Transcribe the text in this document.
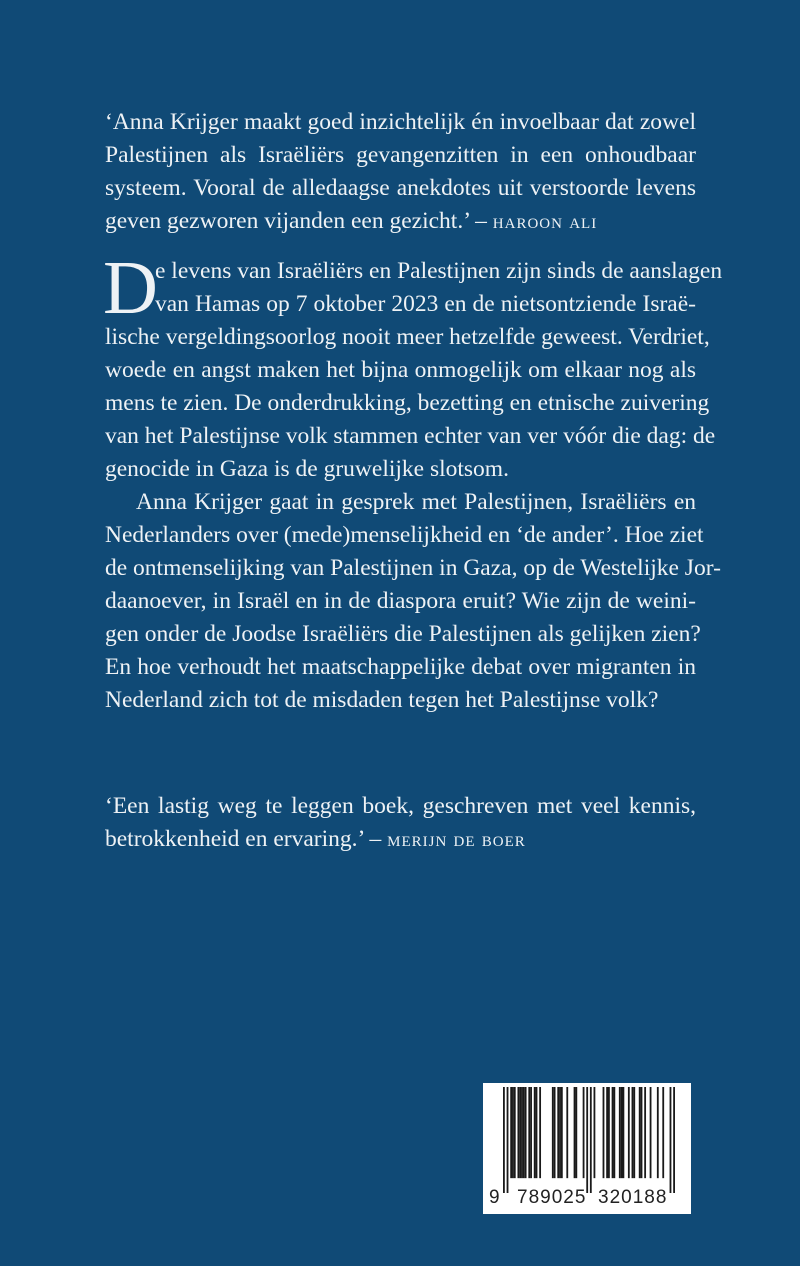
‘Anna Krijger maakt goed inzichtelijk én invoelbaar dat zowel
Palestijnen als Israëliërs gevangenzitten in een onhoudbaar
systeem. Vooral de alledaagse anekdotes uit verstoorde levens
geven gezworen vijanden een gezicht.’ – haroon ali
D
e levens van Israëliërs en Palestijnen zijn sinds de aanslagen
van Hamas op 7 oktober 2023 en de nietsontziende Israë-
lische vergeldingsoorlog nooit meer hetzelfde geweest. Verdriet,
woede en angst maken het bijna onmogelijk om elkaar nog als
mens te zien. De onderdrukking, bezetting en etnische zuivering
van het Palestijnse volk stammen echter van ver vóór die dag: de
genocide in Gaza is de gruwelijke slotsom.
Anna Krijger gaat in gesprek met Palestijnen, Israëliërs en
Nederlanders over (mede)menselijkheid en ‘de ander’. Hoe ziet
de ontmenselijking van Palestijnen in Gaza, op de Westelijke Jor-
daanoever, in Israël en in de diaspora eruit? Wie zijn de weini-
gen onder de Joodse Israëliërs die Palestijnen als gelijken zien?
En hoe verhoudt het maatschappelijke debat over migranten in
Nederland zich tot de misdaden tegen het Palestijnse volk?
‘Een lastig weg te leggen boek, geschreven met veel kennis,
betrokkenheid en ervaring.’ – merijn de boer
9 789025 320188
